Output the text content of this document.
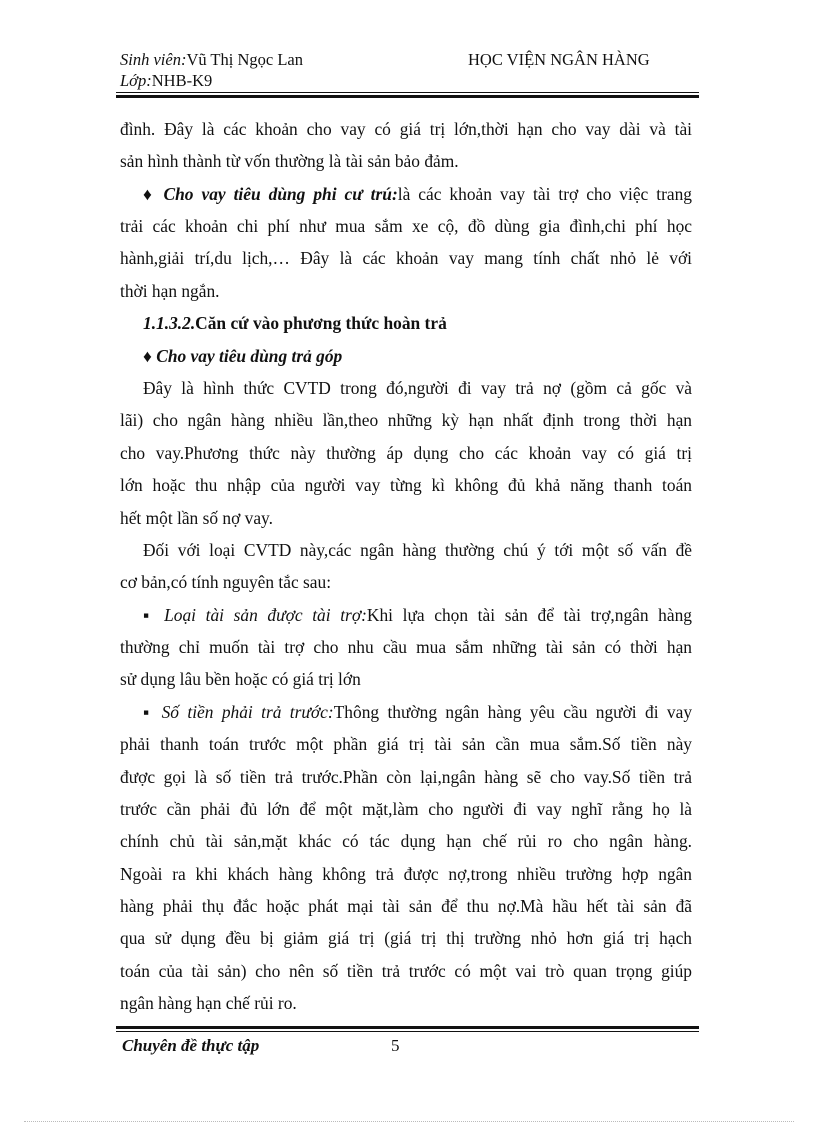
Sinh viên:Vũ Thị Ngọc Lan	HỌC VIỆN NGÂN HÀNG
Lớp:NHB-K9
đình. Đây là các khoản cho vay có giá trị lớn,thời hạn cho vay dài và tài
sản hình thành từ vốn thường là tài sản bảo đảm.
♦ Cho vay tiêu dùng phi cư trú:là các khoản vay tài trợ cho việc trang
trải các khoản chi phí như mua sắm xe cộ, đồ dùng gia đình,chi phí học
hành,giải trí,du lịch,… Đây là các khoản vay mang tính chất nhỏ lẻ với
thời hạn ngắn.
1.1.3.2.Căn cứ vào phương thức hoàn trả
♦ Cho vay tiêu dùng trả góp
Đây là hình thức CVTD trong đó,người đi vay trả nợ (gồm cả gốc và
lãi) cho ngân hàng nhiều lần,theo những kỳ hạn nhất định trong thời hạn
cho vay.Phương thức này thường áp dụng cho các khoản vay có giá trị
lớn hoặc thu nhập của người vay từng kì không đủ khả năng thanh toán
hết một lần số nợ vay.
Đối với loại CVTD này,các ngân hàng thường chú ý tới một số vấn đề
cơ bản,có tính nguyên tắc sau:
▪ Loại tài sản được tài trợ:Khi lựa chọn tài sản để tài trợ,ngân hàng
thường chỉ muốn tài trợ cho nhu cầu mua sắm những tài sản có thời hạn
sử dụng lâu bền hoặc có giá trị lớn
▪ Số tiền phải trả trước:Thông thường ngân hàng yêu cầu người đi vay
phải thanh toán trước một phần giá trị tài sản cần mua sắm.Số tiền này
được gọi là số tiền trả trước.Phần còn lại,ngân hàng sẽ cho vay.Số tiền trả
trước cần phải đủ lớn để một mặt,làm cho người đi vay nghĩ rằng họ là
chính chủ tài sản,mặt khác có tác dụng hạn chế rủi ro cho ngân hàng.
Ngoài ra khi khách hàng không trả được nợ,trong nhiều trường hợp ngân
hàng phải thụ đắc hoặc phát mại tài sản để thu nợ.Mà hầu hết tài sản đã
qua sử dụng đều bị giảm giá trị (giá trị thị trường nhỏ hơn giá trị hạch
toán của tài sản) cho nên số tiền trả trước có một vai trò quan trọng giúp
ngân hàng hạn chế rủi ro.
Chuyên đề thực tập	5
